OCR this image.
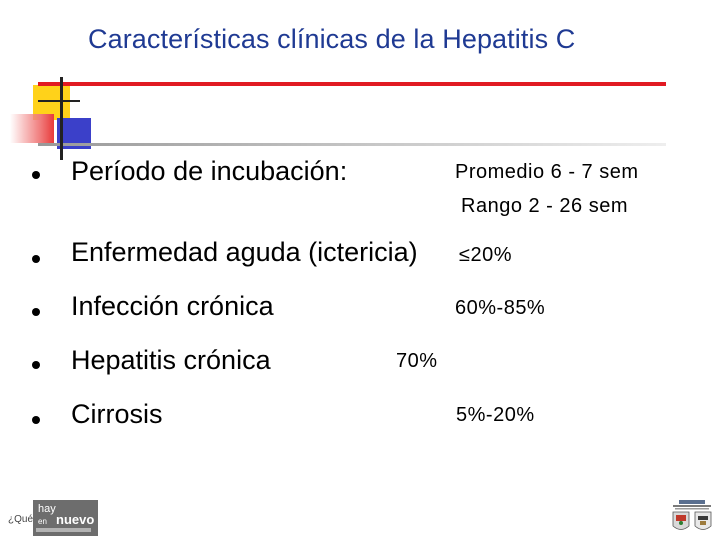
Características clínicas de la Hepatitis C
Período de incubación:	Promedio 6 - 7 sem
Rango 2 - 26 sem
Enfermedad aguda (ictericia) ≤20%
Infección crónica	60%-85%
Hepatitis crónica	70%
Cirrosis	5%-20%
¿Qué
hay
nuevo
en
